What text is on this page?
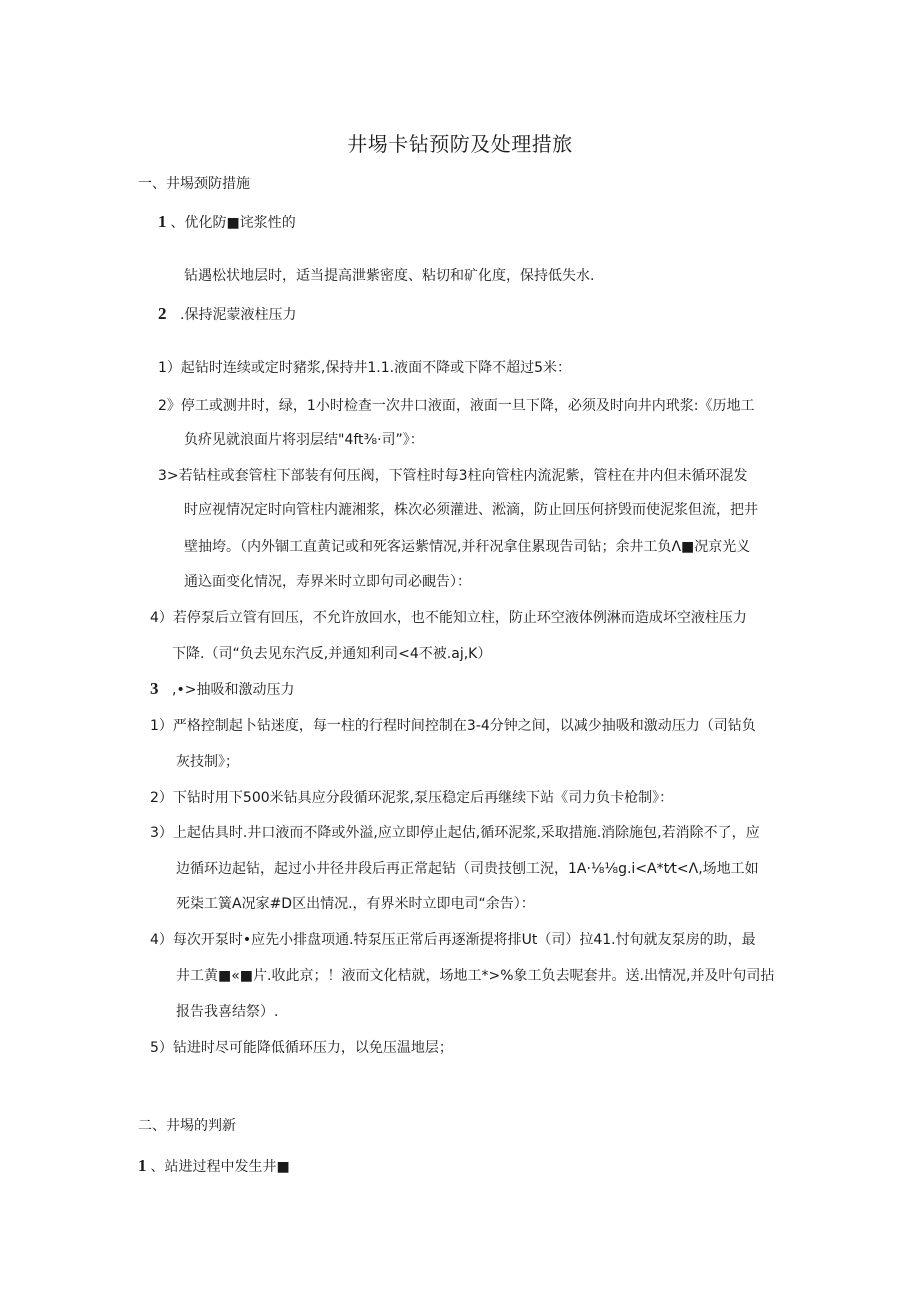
井埸卡钻预防及处理措旅
一、井埸颈防措施
1 、优化防■诧浆性的
钻遇松状地层时，适当提高泄紫密度、粘切和矿化度，保持低失水.
2 .保持泥蒙液柱压力
1）起钻时连续或定时豬浆,保持井1.1.液面不降或下降不超过5米：
2》停工或测井时，绿，1小时检查一次井口液面，液面一旦下降，必须及时向井内玳浆:《历地工
负疥见就浪面片将羽层结"4ft⅜·司”》：
3>若钻柱或套管柱下部装有何压阀，下管柱时每3柱向管柱内流泥紫，管柱在井内但未循环混发
时应视情况定时向管柱内漉湘浆，株次必须灌进、淞滴，防止回压何挤毁而使泥浆但流，把井
壁抽垮。（内外锢工直黄记或和死客运紫情况,并秆况拿住累现告司钻；余井工负Λ■况京光义
通込面变化情况，寿界米时立即句司必靦告）：
4）若停泵后立管有回压，不允许放回水，也不能知立柱，防止环空液体例淋而造成坏空液柱压力
下降.（司“负去见东汽反,并通知利司<4不被.aj,K）
3 ,•>抽吸和激动压力
1）严格控制起卜钻迷度，每一柱的行程时间控制在3-4分钟之间，以减少抽吸和激动压力（司钻负
灰技制》；
2）下钻时用下500米钻具应分段循环泥浆,泵压稳定后再继续下站《司力负卡枪制》：
3）上起估具时.井口液而不降或外溢,应立即停止起估,循环泥浆,采取措施.消除施包,若消除不了，应
边循环边起钻，起过小井径井段后再正常起钻（司贵技刨工況，1A·⅛⅛g.i<A*t⁄t<Λ,场地工如
死柒工簧A况家#D区出情况.，有界米时立即电司“余告）：
4）每次开泵时•应先小排盘项通.特泵压正常后再逐渐提将排Ut（司）拉41.忖旬就友泵房的助，最
井工黄■«■片.收此京；！液而文化桔就，场地工*>%象工负去呢套井。送.出情况,并及叶句司拈
报告我喜结祭）.
5）钻进时尽可能降低循环压力，以免压温地层；
二、井埸的判新
1 、站进过程中发生井■
